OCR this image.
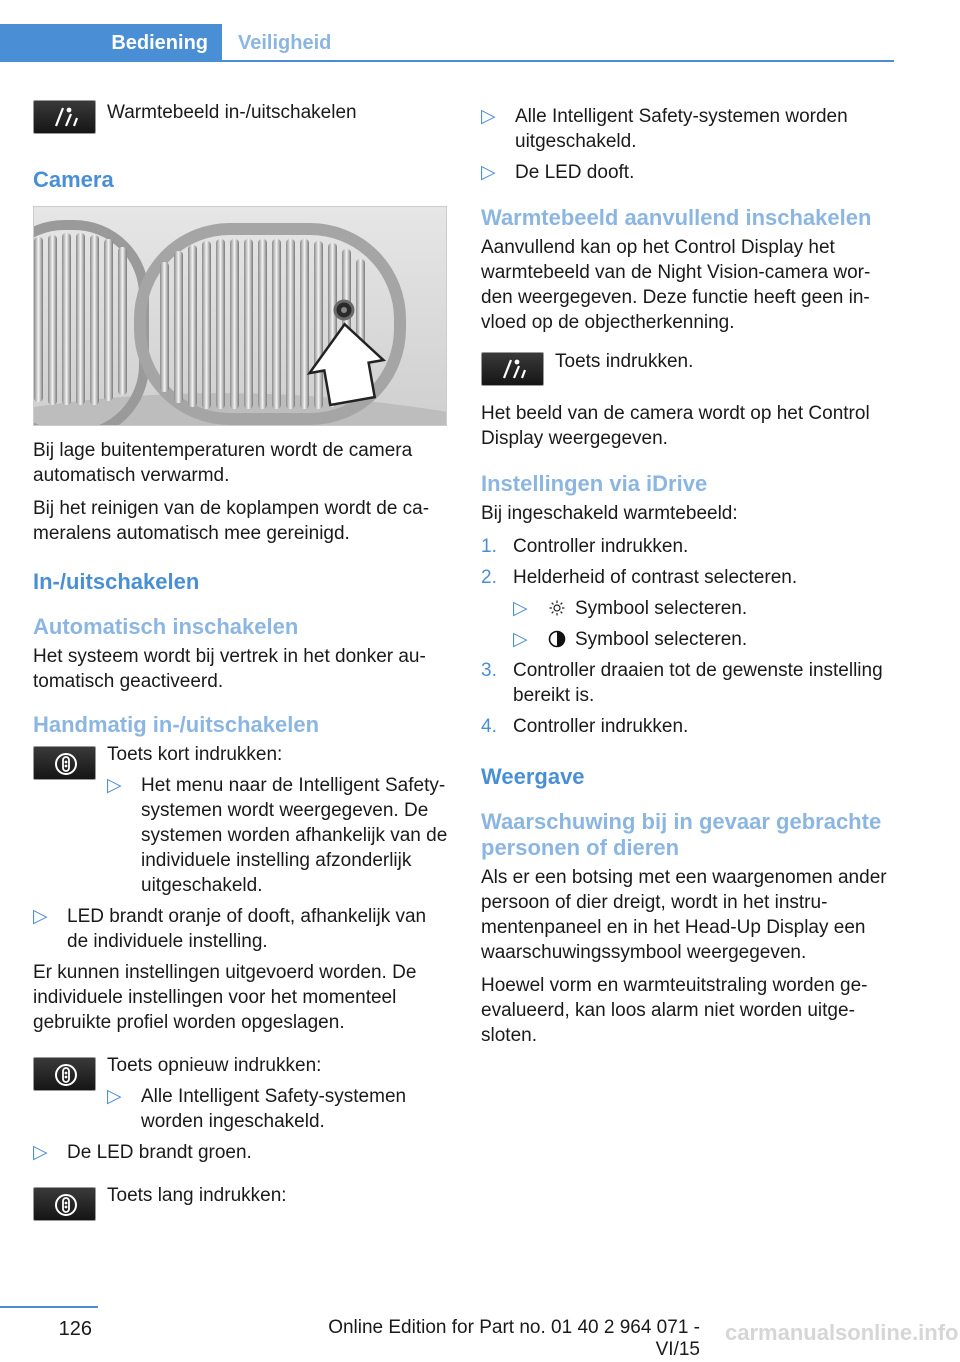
Bediening	Veiligheid
Warmtebeeld in-/uitschakelen
Camera

Bij lage buitentemperaturen wordt de camera automatisch verwarmd.

Bij het reinigen van de koplampen wordt de cameralens automatisch mee gereinigd.

In-/uitschakelen
Automatisch inschakelen

Het systeem wordt bij vertrek in het donker automatisch geactiveerd.

Handmatig in-/uitschakelen
Toets kort indrukken:
▷ Het menu naar de Intelligent Safety-systemen wordt weergegeven. De systemen worden afhankelijk van de individuele instelling afzonderlijk uitgeschakeld.
▷ LED brandt oranje of dooft, afhankelijk van de individuele instelling.

Er kunnen instellingen uitgevoerd worden. De individuele instellingen voor het momenteel gebruikte profiel worden opgeslagen.

Toets opnieuw indrukken:
▷ Alle Intelligent Safety-systemen worden ingeschakeld.
▷ De LED brandt groen.
Toets lang indrukken:
▷ Alle Intelligent Safety-systemen worden uitgeschakeld.
▷ De LED dooft.
Warmtebeeld aanvullend inschakelen

Aanvullend kan op het Control Display het warmtebeeld van de Night Vision-camera worden weergegeven. Deze functie heeft geen invloed op de objectherkenning.

Toets indrukken.

Het beeld van de camera wordt op het Control Display weergegeven.

Instellingen via iDrive

Bij ingeschakeld warmtebeeld:

1. Controller indrukken.
2. Helderheid of contrast selecteren.
▷ Symbool selecteren.
▷ Symbool selecteren.
3. Controller draaien tot de gewenste instelling bereikt is.
4. Controller indrukken.
Weergave
Waarschuwing bij in gevaar gebrachte personen of dieren

Als er een botsing met een waargenomen ander persoon of dier dreigt, wordt in het instrumentenpaneel en in het Head-Up Display een waarschuwingssymbool weergegeven.

Hoewel vorm en warmteuitstraling worden geevalueerd, kan loos alarm niet worden uitgesloten.

126	Online Edition for Part no. 01 40 2 964 071 - VI/15
carmanualsonline.info
